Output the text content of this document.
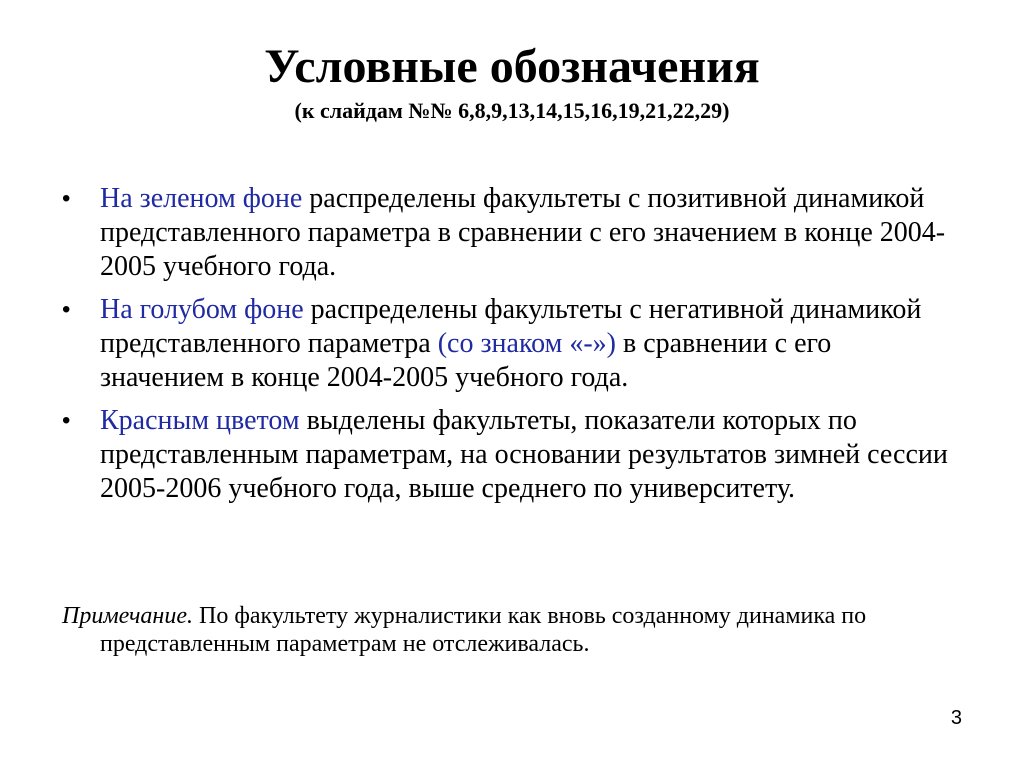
Условные обозначения

(к слайдам №№ 6,8,9,13,14,15,16,19,21,22,29)

• На зеленом фоне распределены факультеты с позитивной динамикой представленного параметра в сравнении с его значением в конце 2004-2005 учебного года.
• На голубом фоне распределены факультеты с негативной динамикой представленного параметра (со знаком «-») в сравнении с его значением в конце 2004-2005 учебного года.
• Красным цветом выделены факультеты, показатели которых по представленным параметрам, на основании результатов зимней сессии 2005-2006 учебного года, выше среднего по университету.

Примечание. По факультету журналистики как вновь созданному динамика по представленным параметрам не отслеживалась.

3
